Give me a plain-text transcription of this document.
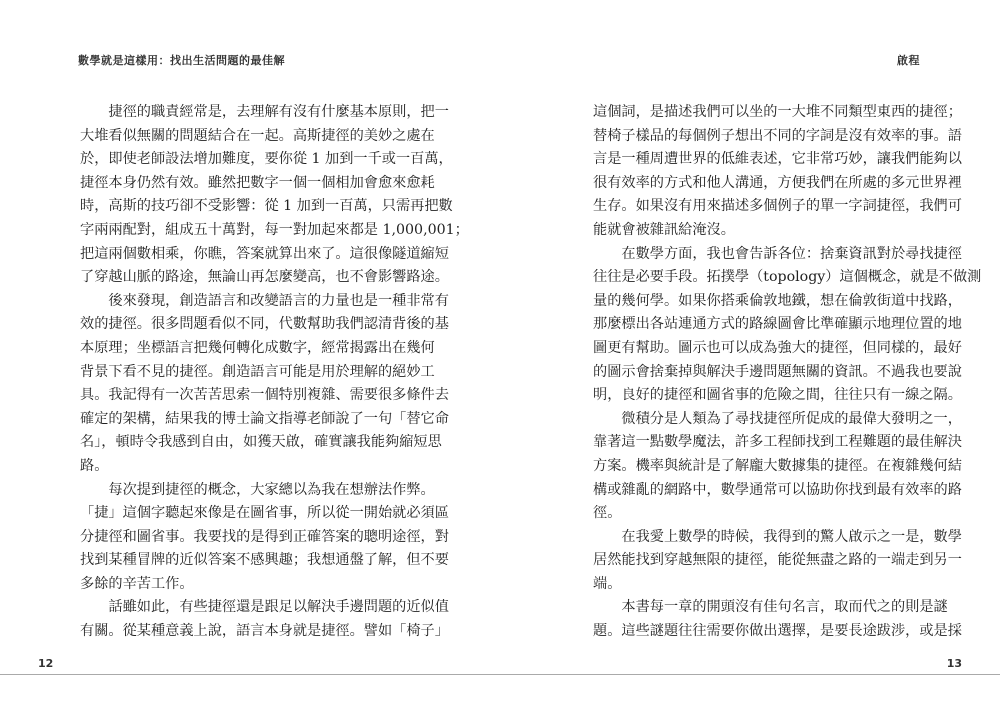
數學就是這樣用：找出生活問題的最佳解
　　捷徑的職責經常是，去理解有沒有什麼基本原則，把一
大堆看似無關的問題結合在一起。高斯捷徑的美妙之處在
於，即使老師設法增加難度，要你從 1 加到一千或一百萬，
捷徑本身仍然有效。雖然把數字一個一個相加會愈來愈耗
時，高斯的技巧卻不受影響：從 1 加到一百萬，只需再把數
字兩兩配對，組成五十萬對，每一對加起來都是 1,000,001；
把這兩個數相乘，你瞧，答案就算出來了。這很像隧道縮短
了穿越山脈的路途，無論山再怎麼變高，也不會影響路途。
　　後來發現，創造語言和改變語言的力量也是一種非常有
效的捷徑。很多問題看似不同，代數幫助我們認清背後的基
本原理；坐標語言把幾何轉化成數字，經常揭露出在幾何
背景下看不見的捷徑。創造語言可能是用於理解的絕妙工
具。我記得有一次苦苦思索一個特別複雜、需要很多條件去
確定的架構，結果我的博士論文指導老師說了一句「替它命
名」，頓時令我感到自由，如獲天啟，確實讓我能夠縮短思
路。
　　每次提到捷徑的概念，大家總以為我在想辦法作弊。
「捷」這個字聽起來像是在圖省事，所以從一開始就必須區
分捷徑和圖省事。我要找的是得到正確答案的聰明途徑，對
找到某種冒牌的近似答案不感興趣；我想通盤了解，但不要
多餘的辛苦工作。
　　話雖如此，有些捷徑還是跟足以解決手邊問題的近似值
有關。從某種意義上說，語言本身就是捷徑。譬如「椅子」
12
啟程
這個詞，是描述我們可以坐的一大堆不同類型東西的捷徑；
替椅子樣品的每個例子想出不同的字詞是沒有效率的事。語
言是一種周遭世界的低維表述，它非常巧妙，讓我們能夠以
很有效率的方式和他人溝通，方便我們在所處的多元世界裡
生存。如果沒有用來描述多個例子的單一字詞捷徑，我們可
能就會被雜訊給淹沒。
　　在數學方面，我也會告訴各位：捨棄資訊對於尋找捷徑
往往是必要手段。拓撲學（topology）這個概念，就是不做測
量的幾何學。如果你搭乘倫敦地鐵，想在倫敦街道中找路，
那麼標出各站連通方式的路線圖會比準確顯示地理位置的地
圖更有幫助。圖示也可以成為強大的捷徑，但同樣的，最好
的圖示會捨棄掉與解決手邊問題無關的資訊。不過我也要說
明，良好的捷徑和圖省事的危險之間，往往只有一線之隔。
　　微積分是人類為了尋找捷徑所促成的最偉大發明之一，
靠著這一點數學魔法，許多工程師找到工程難題的最佳解決
方案。機率與統計是了解龐大數據集的捷徑。在複雜幾何結
構或雜亂的網路中，數學通常可以協助你找到最有效率的路
徑。
　　在我愛上數學的時候，我得到的驚人啟示之一是，數學
居然能找到穿越無限的捷徑，能從無盡之路的一端走到另一
端。
　　本書每一章的開頭沒有佳句名言，取而代之的則是謎
題。這些謎題往往需要你做出選擇，是要長途跋涉，或是採
13
